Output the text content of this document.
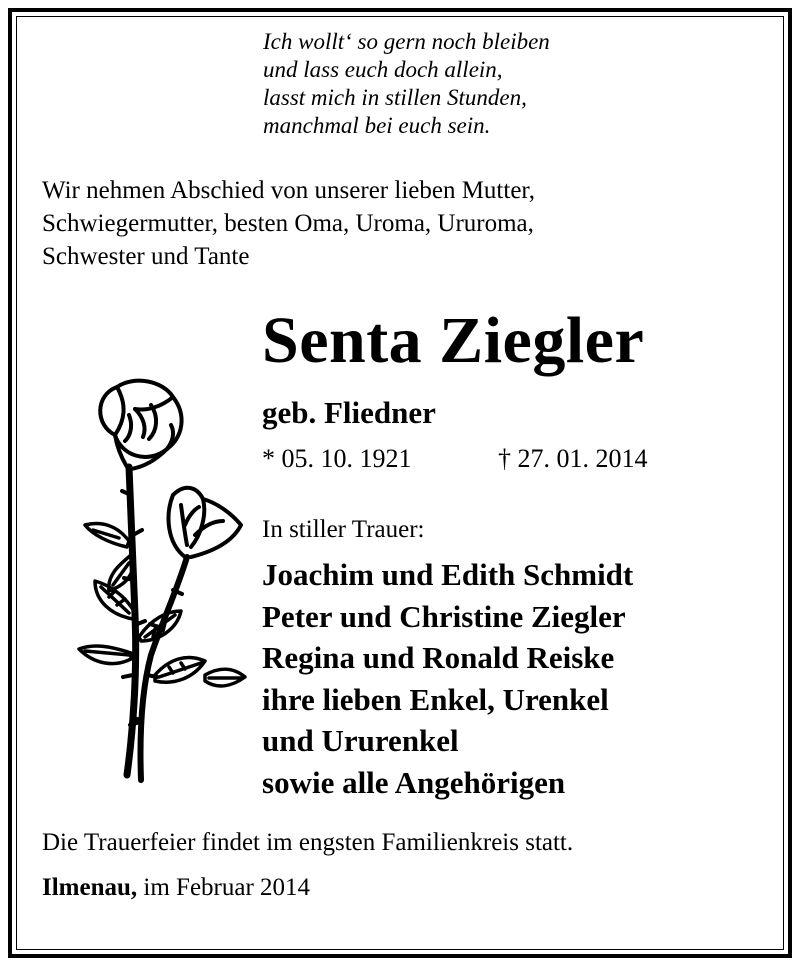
Ich wollt‘ so gern noch bleiben
und lass euch doch allein,
lasst mich in stillen Stunden,
manchmal bei euch sein.
Wir nehmen Abschied von unserer lieben Mutter,
Schwiegermutter, besten Oma, Uroma, Ururoma,
Schwester und Tante
Senta Ziegler
geb. Fliedner
* 05. 10. 1921	† 27. 01. 2014
In stiller Trauer:
Joachim und Edith Schmidt
Peter und Christine Ziegler
Regina und Ronald Reiske
ihre lieben Enkel, Urenkel
und Ururenkel
sowie alle Angehörigen
Die Trauerfeier findet im engsten Familienkreis statt.
Ilmenau, im Februar 2014
